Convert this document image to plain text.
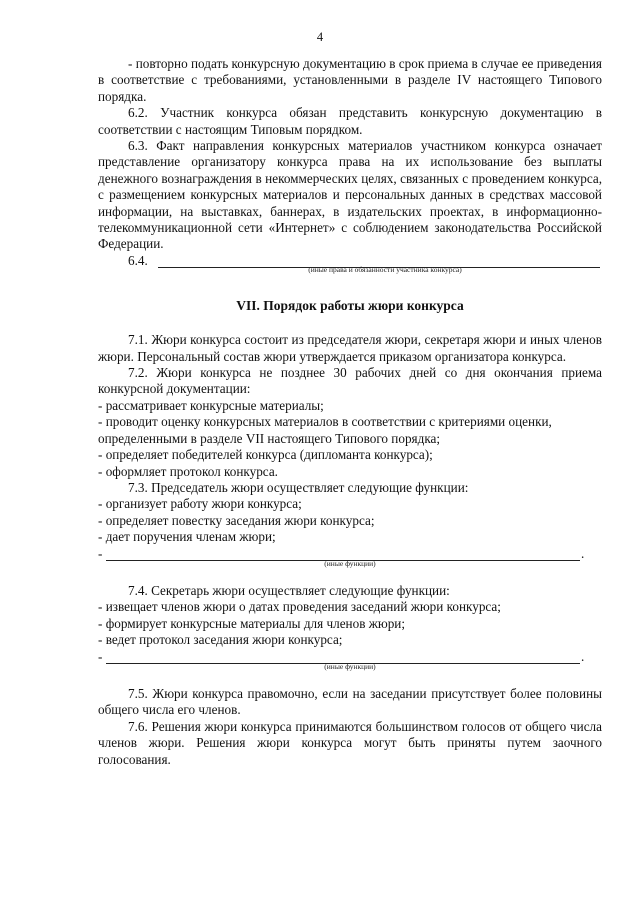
4

- повторно подать конкурсную документацию в срок приема в случае ее приведения в соответствие с требованиями, установленными в разделе IV настоящего Типового порядка.

6.2. Участник конкурса обязан представить конкурсную документацию в соответствии с настоящим Типовым порядком.

6.3. Факт направления конкурсных материалов участником конкурса означает представление организатору конкурса права на их использование без выплаты денежного вознаграждения в некоммерческих целях, связанных с проведением конкурса, с размещением конкурсных материалов и персональных данных в средствах массовой информации, на выставках, баннерах, в издательских проектах, в информационно-телекоммуникационной сети «Интернет» с соблюдением законодательства Российской Федерации.

6.4.
(иные права и обязанности участника конкурса)
VII. Порядок работы жюри конкурса

7.1. Жюри конкурса состоит из председателя жюри, секретаря жюри и иных членов жюри. Персональный состав жюри утверждается приказом организатора конкурса.

7.2. Жюри конкурса не позднее 30 рабочих дней со дня окончания приема конкурсной документации:

- рассматривает конкурсные материалы;

- проводит оценку конкурсных материалов в соответствии с критериями оценки, определенными в разделе VII настоящего Типового порядка;

- определяет победителей конкурса (дипломанта конкурса);

- оформляет протокол конкурса.

7.3. Председатель жюри осуществляет следующие функции:

- организует работу жюри конкурса;

- определяет повестку заседания жюри конкурса;

- дает поручения членам жюри;

-	.
(иные функции)

7.4. Секретарь жюри осуществляет следующие функции:

- извещает членов жюри о датах проведения заседаний жюри конкурса;

- формирует конкурсные материалы для членов жюри;

- ведет протокол заседания жюри конкурса;

-	.
(иные функции)

7.5. Жюри конкурса правомочно, если на заседании присутствует более половины общего числа его членов.

7.6. Решения жюри конкурса принимаются большинством голосов от общего числа членов жюри. Решения жюри конкурса могут быть приняты путем заочного голосования.
